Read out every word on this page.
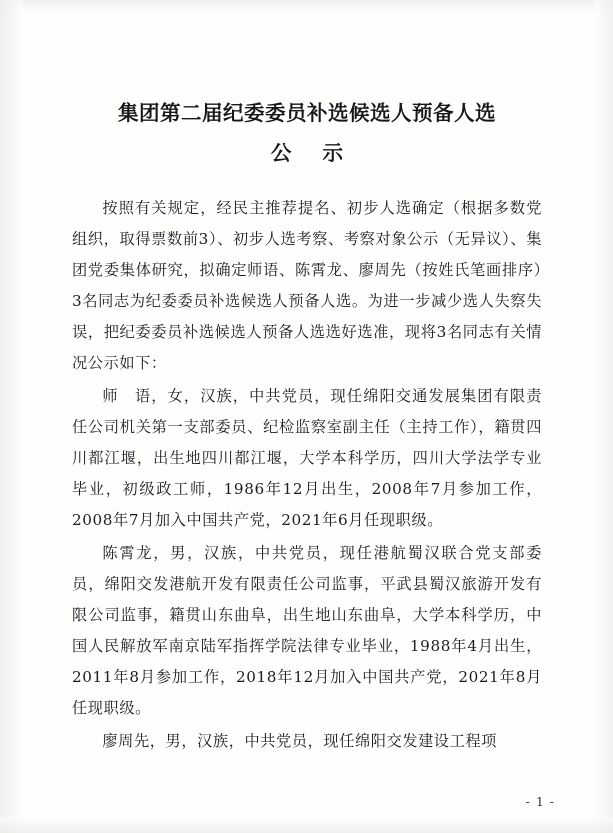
集团第二届纪委委员补选候选人预备人选
公 示

按照有关规定，经民主推荐提名、初步人选确定（根据多数党组织，取得票数前3）、初步人选考察、考察对象公示（无异议）、集团党委集体研究，拟确定师语、陈霄龙、廖周先（按姓氏笔画排序）3名同志为纪委委员补选候选人预备人选。为进一步减少选人失察失误，把纪委委员补选候选人预备人选选好选准，现将3名同志有关情况公示如下：

师　语，女，汉族，中共党员，现任绵阳交通发展集团有限责任公司机关第一支部委员、纪检监察室副主任（主持工作），籍贯四川都江堰，出生地四川都江堰，大学本科学历，四川大学法学专业毕业，初级政工师，1986年12月出生，2008年7月参加工作，2008年7月加入中国共产党，2021年6月任现职级。

陈霄龙，男，汉族，中共党员，现任港航蜀汉联合党支部委员，绵阳交发港航开发有限责任公司监事，平武县蜀汉旅游开发有限公司监事，籍贯山东曲阜，出生地山东曲阜，大学本科学历，中国人民解放军南京陆军指挥学院法律专业毕业，1988年4月出生，2011年8月参加工作，2018年12月加入中国共产党，2021年8月任现职级。

廖周先，男，汉族，中共党员，现任绵阳交发建设工程项

- 1 -
